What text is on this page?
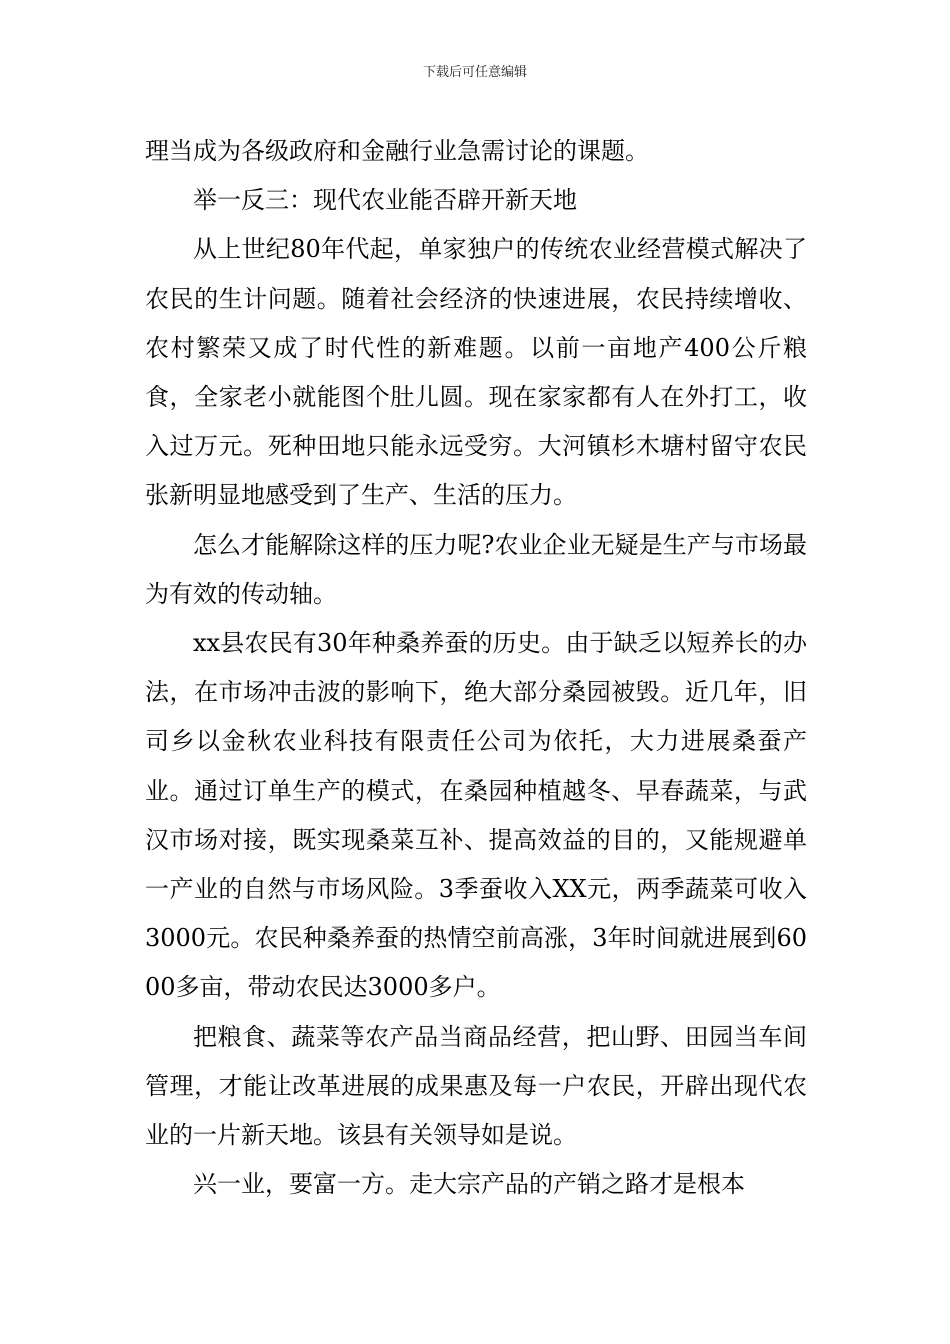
下载后可任意编辑

理当成为各级政府和金融行业急需讨论的课题。

举一反三：现代农业能否辟开新天地

从上世纪80年代起，单家独户的传统农业经营模式解决了农民的生计问题。随着社会经济的快速进展，农民持续增收、农村繁荣又成了时代性的新难题。以前一亩地产400公斤粮食，全家老小就能图个肚儿圆。现在家家都有人在外打工，收入过万元。死种田地只能永远受穷。大河镇杉木塘村留守农民张新明显地感受到了生产、生活的压力。

怎么才能解除这样的压力呢?农业企业无疑是生产与市场最为有效的传动轴。

xx县农民有30年种桑养蚕的历史。由于缺乏以短养长的办法，在市场冲击波的影响下，绝大部分桑园被毁。近几年，旧司乡以金秋农业科技有限责任公司为依托，大力进展桑蚕产业。通过订单生产的模式，在桑园种植越冬、早春蔬菜，与武汉市场对接，既实现桑菜互补、提高效益的目的，又能规避单一产业的自然与市场风险。3季蚕收入XX元，两季蔬菜可收入3000元。农民种桑养蚕的热情空前高涨，3年时间就进展到6000多亩，带动农民达3000多户。

把粮食、蔬菜等农产品当商品经营，把山野、田园当车间管理，才能让改革进展的成果惠及每一户农民，开辟出现代农业的一片新天地。该县有关领导如是说。

兴一业，要富一方。走大宗产品的产销之路才是根本
